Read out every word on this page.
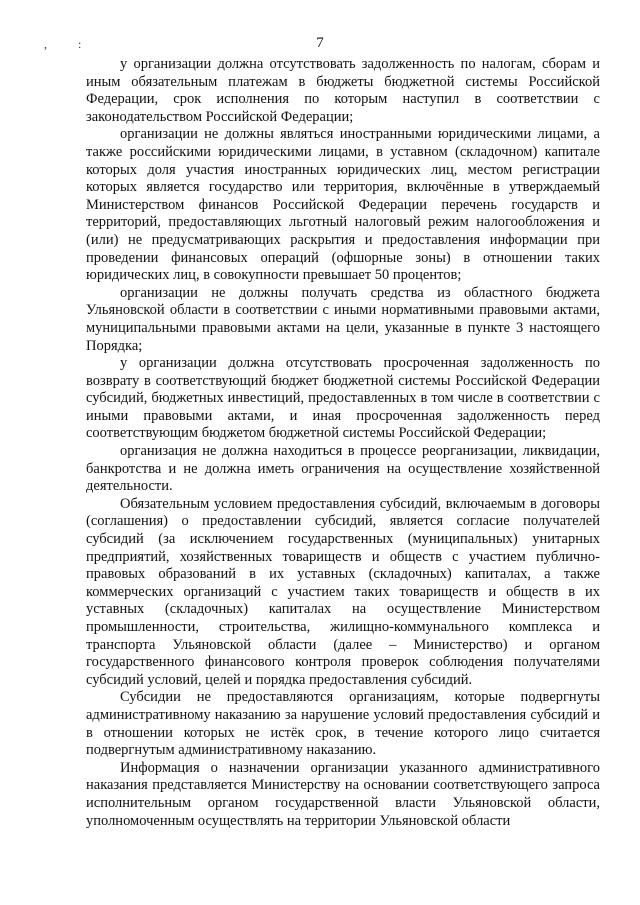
,	:	7

у организации должна отсутствовать задолженность по налогам, сборам и иным обязательным платежам в бюджеты бюджетной системы Российской Федерации, срок исполнения по которым наступил в соответствии с законодательством Российской Федерации;

организации не должны являться иностранными юридическими лицами, а также российскими юридическими лицами, в уставном (складочном) капитале которых доля участия иностранных юридических лиц, местом регистрации которых является государство или территория, включённые в утверждаемый Министерством финансов Российской Федерации перечень государств и территорий, предоставляющих льготный налоговый режим налогообложения и (или) не предусматривающих раскрытия и предоставления информации при проведении финансовых операций (офшорные зоны) в отношении таких юридических лиц, в совокупности превышает 50 процентов;

организации не должны получать средства из областного бюджета Ульяновской области в соответствии с иными нормативными правовыми актами, муниципальными правовыми актами на цели, указанные в пункте 3 настоящего Порядка;

у организации должна отсутствовать просроченная задолженность по возврату в соответствующий бюджет бюджетной системы Российской Федерации субсидий, бюджетных инвестиций, предоставленных в том числе в соответствии с иными правовыми актами, и иная просроченная задолженность перед соответствующим бюджетом бюджетной системы Российской Федерации;

организация не должна находиться в процессе реорганизации, ликвидации, банкротства и не должна иметь ограничения на осуществление хозяйственной деятельности.

Обязательным условием предоставления субсидий, включаемым в договоры (соглашения) о предоставлении субсидий, является согласие получателей субсидий (за исключением государственных (муниципальных) унитарных предприятий, хозяйственных товариществ и обществ с участием публично-правовых образований в их уставных (складочных) капиталах, а также коммерческих организаций с участием таких товариществ и обществ в их уставных (складочных) капиталах на осуществление Министерством промышленности, строительства, жилищно-коммунального комплекса и транспорта Ульяновской области (далее – Министерство) и органом государственного финансового контроля проверок соблюдения получателями субсидий условий, целей и порядка предоставления субсидий.

Субсидии не предоставляются организациям, которые подвергнуты административному наказанию за нарушение условий предоставления субсидий и в отношении которых не истёк срок, в течение которого лицо считается подвергнутым административному наказанию.

Информация о назначении организации указанного административного наказания представляется Министерству на основании соответствующего запроса исполнительным органом государственной власти Ульяновской области, уполномоченным осуществлять на территории Ульяновской области
